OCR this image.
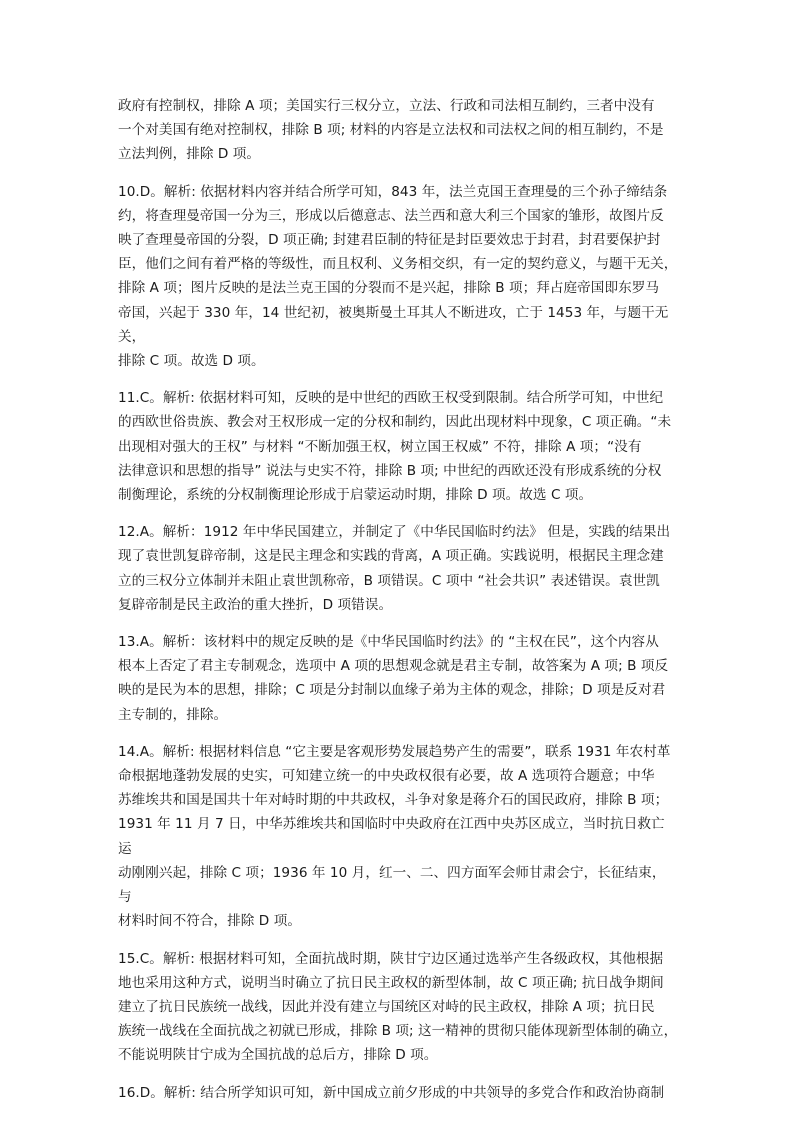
政府有控制权，排除 A 项；美国实行三权分立，立法、行政和司法相互制约，三者中没有
一个对美国有绝对控制权，排除 B 项; 材料的内容是立法权和司法权之间的相互制约，不是
立法判例，排除 D 项。

10.D。解析: 依据材料内容并结合所学可知，843 年，法兰克国王查理曼的三个孙子缔结条
约，将查理曼帝国一分为三，形成以后德意志、法兰西和意大利三个国家的雏形，故图片反
映了查理曼帝国的分裂，D 项正确; 封建君臣制的特征是封臣要效忠于封君，封君要保护封
臣，他们之间有着严格的等级性，而且权利、义务相交织，有一定的契约意义，与题干无关，
排除 A 项；图片反映的是法兰克王国的分裂而不是兴起，排除 B 项；拜占庭帝国即东罗马
帝国，兴起于 330 年，14 世纪初，被奥斯曼土耳其人不断进攻，亡于 1453 年，与题干无关，
排除 C 项。故选 D 项。

11.C。解析: 依据材料可知，反映的是中世纪的西欧王权受到限制。结合所学可知，中世纪
的西欧世俗贵族、教会对王权形成一定的分权和制约，因此出现材料中现象，C 项正确。“未
出现相对强大的王权” 与材料 “不断加强王权，树立国王权威” 不符，排除 A 项；“没有
法律意识和思想的指导” 说法与史实不符，排除 B 项; 中世纪的西欧还没有形成系统的分权
制衡理论，系统的分权制衡理论形成于启蒙运动时期，排除 D 项。故选 C 项。

12.A。解析：1912 年中华民国建立，并制定了《中华民国临时约法》 但是，实践的结果出
现了袁世凯复辟帝制，这是民主理念和实践的背离，A 项正确。实践说明，根据民主理念建
立的三权分立体制并未阻止袁世凯称帝，B 项错误。C 项中 “社会共识” 表述错误。袁世凯
复辟帝制是民主政治的重大挫折，D 项错误。

13.A。解析：该材料中的规定反映的是《中华民国临时约法》的 “主权在民”，这个内容从
根本上否定了君主专制观念，选项中 A 项的思想观念就是君主专制，故答案为 A 项; B 项反
映的是民为本的思想，排除；C 项是分封制以血缘子弟为主体的观念，排除；D 项是反对君
主专制的，排除。

14.A。解析: 根据材料信息 “它主要是客观形势发展趋势产生的需要”，联系 1931 年农村革
命根据地蓬勃发展的史实，可知建立统一的中央政权很有必要，故 A 选项符合题意；中华
苏维埃共和国是国共十年对峙时期的中共政权，斗争对象是蒋介石的国民政府，排除 B 项；
1931 年 11 月 7 日，中华苏维埃共和国临时中央政府在江西中央苏区成立，当时抗日救亡运
动刚刚兴起，排除 C 项；1936 年 10 月，红一、二、四方面军会师甘肃会宁，长征结束，与
材料时间不符合，排除 D 项。

15.C。解析: 根据材料可知，全面抗战时期，陕甘宁边区通过选举产生各级政权，其他根据
地也采用这种方式，说明当时确立了抗日民主政权的新型体制，故 C 项正确; 抗日战争期间
建立了抗日民族统一战线，因此并没有建立与国统区对峙的民主政权，排除 A 项；抗日民
族统一战线在全面抗战之初就已形成，排除 B 项; 这一精神的贯彻只能体现新型体制的确立，
不能说明陕甘宁成为全国抗战的总后方，排除 D 项。

16.D。解析: 结合所学知识可知，新中国成立前夕形成的中共领导的多党合作和政治协商制
